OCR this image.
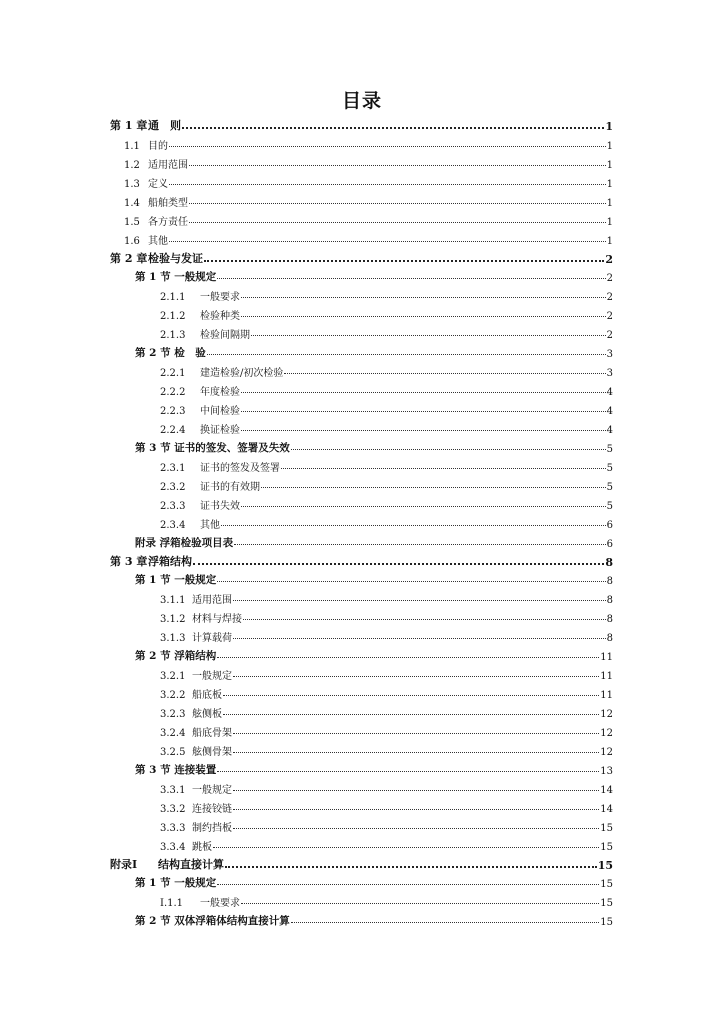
目录
第 1 章通　则	1
1.1 目的	1
1.2 适用范围	1
1.3 定义	1
1.4 船舶类型	1
1.5 各方责任	1
1.6 其他	1
第 2 章检验与发证	2
第 1 节 一般规定	2
2.1.1 一般要求	2
2.1.2 检验种类	2
2.1.3 检验间隔期	2
第 2 节 检　验	3
2.2.1 建造检验/初次检验	3
2.2.2 年度检验	4
2.2.3 中间检验	4
2.2.4 换证检验	4
第 3 节 证书的签发、签署及失效	5
2.3.1 证书的签发及签署	5
2.3.2 证书的有效期	5
2.3.3 证书失效	5
2.3.4 其他	6
附录 浮箱检验项目表	6
第 3 章浮箱结构	8
第 1 节 一般规定	8
3.1.1 适用范围	8
3.1.2 材料与焊接	8
3.1.3 计算载荷	8
第 2 节 浮箱结构	11
3.2.1 一般规定	11
3.2.2 船底板	11
3.2.3 舷侧板	12
3.2.4 船底骨架	12
3.2.5 舷侧骨架	12
第 3 节 连接装置	13
3.3.1 一般规定	14
3.3.2 连接铰链	14
3.3.3 制约挡板	15
3.3.4 跳板	15
附录Ⅰ 结构直接计算	15
第 1 节 一般规定	15
Ⅰ.1.1 一般要求	15
第 2 节 双体浮箱体结构直接计算	15
